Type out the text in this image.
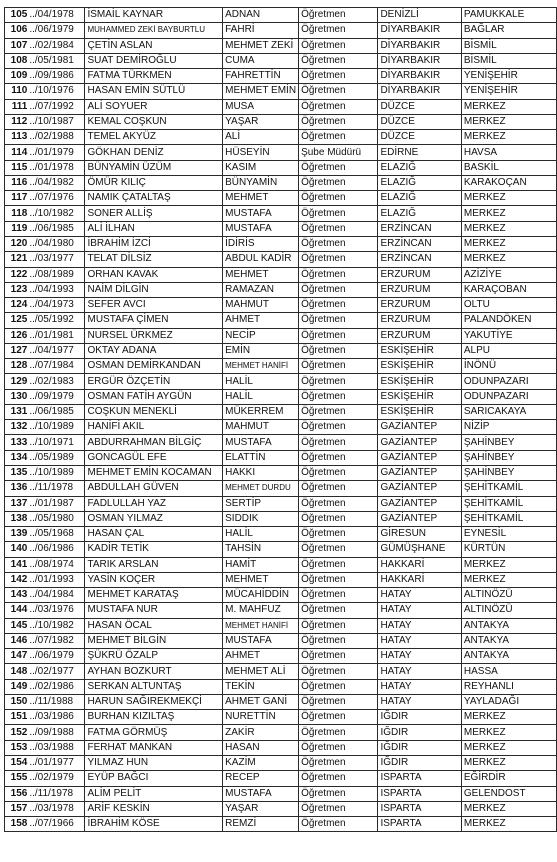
105	../04/1978	İSMAİL KAYNAR	ADNAN	Öğretmen	DENİZLİ	PAMUKKALE
106	../06/1979	MUHAMMED ZEKİ BAYBURTLU	FAHRİ	Öğretmen	DİYARBAKIR	BAĞLAR
107	../02/1984	ÇETİN ASLAN	MEHMET ZEKİ	Öğretmen	DİYARBAKIR	BİSMİL
108	../05/1981	SUAT DEMİROĞLU	CUMA	Öğretmen	DİYARBAKIR	BİSMİL
109	../09/1986	FATMA TÜRKMEN	FAHRETTİN	Öğretmen	DİYARBAKIR	YENİŞEHİR
110	../10/1976	HASAN EMİN SÜTLÜ	MEHMET EMİN	Öğretmen	DİYARBAKIR	YENİŞEHİR
111	../07/1992	ALİ SOYUER	MUSA	Öğretmen	DÜZCE	MERKEZ
112	../10/1987	KEMAL COŞKUN	YAŞAR	Öğretmen	DÜZCE	MERKEZ
113	../02/1988	TEMEL AKYÜZ	ALİ	Öğretmen	DÜZCE	MERKEZ
114	../01/1979	GÖKHAN DENİZ	HÜSEYİN	Şube Müdürü	EDİRNE	HAVSA
115	../01/1978	BÜNYAMİN ÜZÜM	KASIM	Öğretmen	ELAZIĞ	BASKİL
116	../04/1982	ÖMÜR KILIÇ	BÜNYAMİN	Öğretmen	ELAZIĞ	KARAKOÇAN
117	../07/1976	NAMIK ÇATALTAŞ	MEHMET	Öğretmen	ELAZIĞ	MERKEZ
118	../10/1982	SONER ALLİŞ	MUSTAFA	Öğretmen	ELAZIĞ	MERKEZ
119	../06/1985	ALİ İLHAN	MUSTAFA	Öğretmen	ERZİNCAN	MERKEZ
120	../04/1980	İBRAHİM İZCİ	İDİRİS	Öğretmen	ERZİNCAN	MERKEZ
121	../03/1977	TELAT DİLSİZ	ABDUL KADİR	Öğretmen	ERZİNCAN	MERKEZ
122	../08/1989	ORHAN KAVAK	MEHMET	Öğretmen	ERZURUM	AZİZİYE
123	../04/1993	NAİM DİLGİN	RAMAZAN	Öğretmen	ERZURUM	KARAÇOBAN
124	../04/1973	SEFER AVCI	MAHMUT	Öğretmen	ERZURUM	OLTU
125	../05/1992	MUSTAFA ÇİMEN	AHMET	Öğretmen	ERZURUM	PALANDÖKEN
126	../01/1981	NURSEL ÜRKMEZ	NECİP	Öğretmen	ERZURUM	YAKUTİYE
127	../04/1977	OKTAY ADANA	EMİN	Öğretmen	ESKİŞEHİR	ALPU
128	../07/1984	OSMAN DEMİRKANDAN	MEHMET HANİFİ	Öğretmen	ESKİŞEHİR	İNÖNÜ
129	../02/1983	ERGÜR ÖZÇETİN	HALİL	Öğretmen	ESKİŞEHİR	ODUNPAZARI
130	../09/1979	OSMAN FATİH AYGÜN	HALİL	Öğretmen	ESKİŞEHİR	ODUNPAZARI
131	../06/1985	COŞKUN MENEKLİ	MÜKERREM	Öğretmen	ESKİŞEHİR	SARICAKAYA
132	../10/1989	HANİFİ AKIL	MAHMUT	Öğretmen	GAZİANTEP	NİZİP
133	../10/1971	ABDURRAHMAN BİLGİÇ	MUSTAFA	Öğretmen	GAZİANTEP	ŞAHİNBEY
134	../05/1989	GONCAGÜL EFE	ELATTİN	Öğretmen	GAZİANTEP	ŞAHİNBEY
135	../10/1989	MEHMET EMİN KOCAMAN	HAKKI	Öğretmen	GAZİANTEP	ŞAHİNBEY
136	../11/1978	ABDULLAH GÜVEN	MEHMET DURDU	Öğretmen	GAZİANTEP	ŞEHİTKAMİL
137	../01/1987	FADLULLAH YAZ	SERTİP	Öğretmen	GAZİANTEP	ŞEHİTKAMİL
138	../05/1980	OSMAN YILMAZ	SIDDIK	Öğretmen	GAZİANTEP	ŞEHİTKAMİL
139	../05/1968	HASAN ÇAL	HALİL	Öğretmen	GİRESUN	EYNESİL
140	../06/1986	KADİR TETİK	TAHSİN	Öğretmen	GÜMÜŞHANE	KÜRTÜN
141	../08/1974	TARIK ARSLAN	HAMİT	Öğretmen	HAKKARİ	MERKEZ
142	../01/1993	YASİN KOÇER	MEHMET	Öğretmen	HAKKARİ	MERKEZ
143	../04/1984	MEHMET KARATAŞ	MÜCAHİDDİN	Öğretmen	HATAY	ALTINÖZÜ
144	../03/1976	MUSTAFA NUR	M. MAHFUZ	Öğretmen	HATAY	ALTINÖZÜ
145	../10/1982	HASAN ÖCAL	MEHMET HANİFİ	Öğretmen	HATAY	ANTAKYA
146	../07/1982	MEHMET BİLGİN	MUSTAFA	Öğretmen	HATAY	ANTAKYA
147	../06/1979	ŞÜKRÜ ÖZALP	AHMET	Öğretmen	HATAY	ANTAKYA
148	../02/1977	AYHAN BOZKURT	MEHMET ALİ	Öğretmen	HATAY	HASSA
149	../02/1986	SERKAN ALTUNTAŞ	TEKİN	Öğretmen	HATAY	REYHANLI
150	../11/1988	HARUN SAĞIREKMEKÇİ	AHMET GANİ	Öğretmen	HATAY	YAYLADAĞI
151	../03/1986	BURHAN KIZILTAŞ	NURETTİN	Öğretmen	IĞDIR	MERKEZ
152	../09/1988	FATMA GÖRMÜŞ	ZAKİR	Öğretmen	IĞDIR	MERKEZ
153	../03/1988	FERHAT MANKAN	HASAN	Öğretmen	IĞDIR	MERKEZ
154	../01/1977	YILMAZ HUN	KAZİM	Öğretmen	IĞDIR	MERKEZ
155	../02/1979	EYÜP BAĞCI	RECEP	Öğretmen	ISPARTA	EĞİRDİR
156	../11/1978	ALİM PELİT	MUSTAFA	Öğretmen	ISPARTA	GELENDOST
157	../03/1978	ARİF KESKİN	YAŞAR	Öğretmen	ISPARTA	MERKEZ
158	../07/1966	İBRAHİM KÖSE	REMZİ	Öğretmen	ISPARTA	MERKEZ
